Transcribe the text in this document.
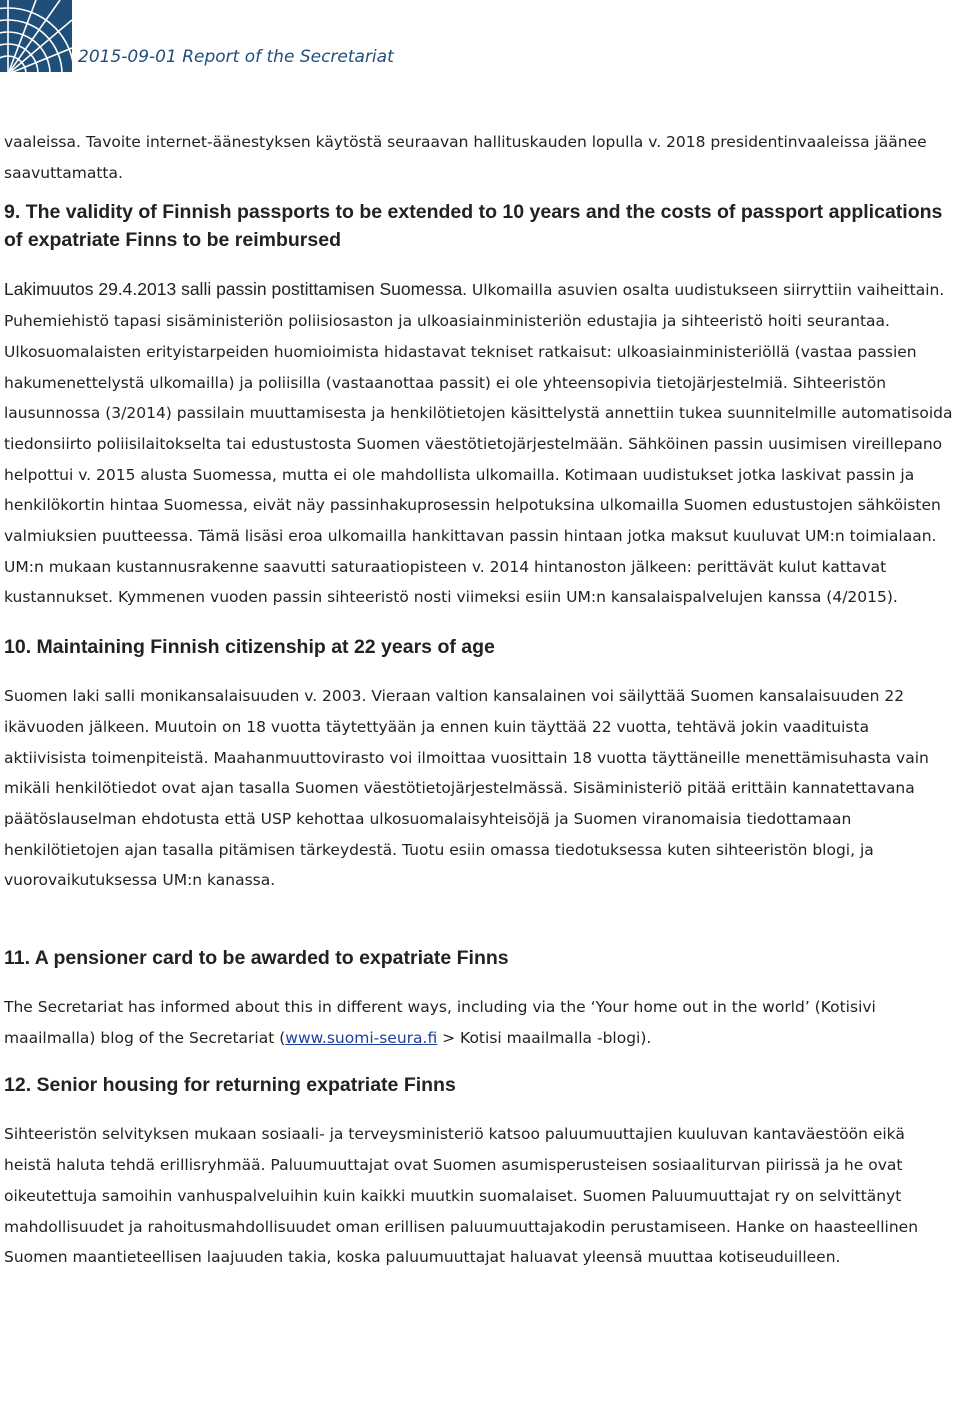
2015-09-01 Report of the Secretariat

vaaleissa. Tavoite internet-äänestyksen käytöstä seuraavan hallituskauden lopulla v. 2018 presidentinvaaleissa jäänee saavuttamatta.

9. The validity of Finnish passports to be extended to 10 years and the costs of passport applications of expatriate Finns to be reimbursed

Lakimuutos 29.4.2013 salli passin postittamisen Suomessa. Ulkomailla asuvien osalta uudistukseen siirryttiin vaiheittain. Puhemiehistö tapasi sisäministeriön poliisiosaston ja ulkoasiainministeriön edustajia ja sihteeristö hoiti seurantaa. Ulkosuomalaisten erityistarpeiden huomioimista hidastavat tekniset ratkaisut: ulkoasiainministeriöllä (vastaa passien hakumenettelystä ulkomailla) ja poliisilla (vastaanottaa passit) ei ole yhteensopivia tietojärjestelmiä. Sihteeristön lausunnossa (3/2014) passilain muuttamisesta ja henkilötietojen käsittelystä annettiin tukea suunnitelmille automatisoida tiedonsiirto poliisilaitokselta tai edustustosta Suomen väestötietojärjestelmään. Sähköinen passin uusimisen vireillepano helpottui v. 2015 alusta Suomessa, mutta ei ole mahdollista ulkomailla. Kotimaan uudistukset jotka laskivat passin ja henkilökortin hintaa Suomessa, eivät näy passinhakuprosessin helpotuksina ulkomailla Suomen edustustojen sähköisten valmiuksien puutteessa. Tämä lisäsi eroa ulkomailla hankittavan passin hintaan jotka maksut kuuluvat UM:n toimialaan. UM:n mukaan kustannusrakenne saavutti saturaatiopisteen v. 2014 hintanoston jälkeen: perittävät kulut kattavat kustannukset. Kymmenen vuoden passin sihteeristö nosti viimeksi esiin UM:n kansalaispalvelujen kanssa (4/2015).

10. Maintaining Finnish citizenship at 22 years of age

Suomen laki salli monikansalaisuuden v. 2003. Vieraan valtion kansalainen voi säilyttää Suomen kansalaisuuden 22 ikävuoden jälkeen. Muutoin on 18 vuotta täytettyään ja ennen kuin täyttää 22 vuotta, tehtävä jokin vaadituista aktiivisista toimenpiteistä. Maahanmuuttovirasto voi ilmoittaa vuosittain 18 vuotta täyttäneille menettämisuhasta vain mikäli henkilötiedot ovat ajan tasalla Suomen väestötietojärjestelmässä. Sisäministeriö pitää erittäin kannatettavana päätöslauselman ehdotusta että USP kehottaa ulkosuomalaisyhteisöjä ja Suomen viranomaisia tiedottamaan henkilötietojen ajan tasalla pitämisen tärkeydestä. Tuotu esiin omassa tiedotuksessa kuten sihteeristön blogi, ja vuorovaikutuksessa UM:n kanassa.

11. A pensioner card to be awarded to expatriate Finns

The Secretariat has informed about this in different ways, including via the ‘Your home out in the world’ (Kotisivi maailmalla) blog of the Secretariat (www.suomi-seura.fi > Kotisi maailmalla -blogi).

12. Senior housing for returning expatriate Finns

Sihteeristön selvityksen mukaan sosiaali- ja terveysministeriö katsoo paluumuuttajien kuuluvan kantaväestöön eikä heistä haluta tehdä erillisryhmää. Paluumuuttajat ovat Suomen asumisperusteisen sosiaaliturvan piirissä ja he ovat oikeutettuja samoihin vanhuspalveluihin kuin kaikki muutkin suomalaiset. Suomen Paluumuuttajat ry on selvittänyt mahdollisuudet ja rahoitusmahdollisuudet oman erillisen paluumuuttajakodin perustamiseen. Hanke on haasteellinen Suomen maantieteellisen laajuuden takia, koska paluumuuttajat haluavat yleensä muuttaa kotiseuduilleen.
